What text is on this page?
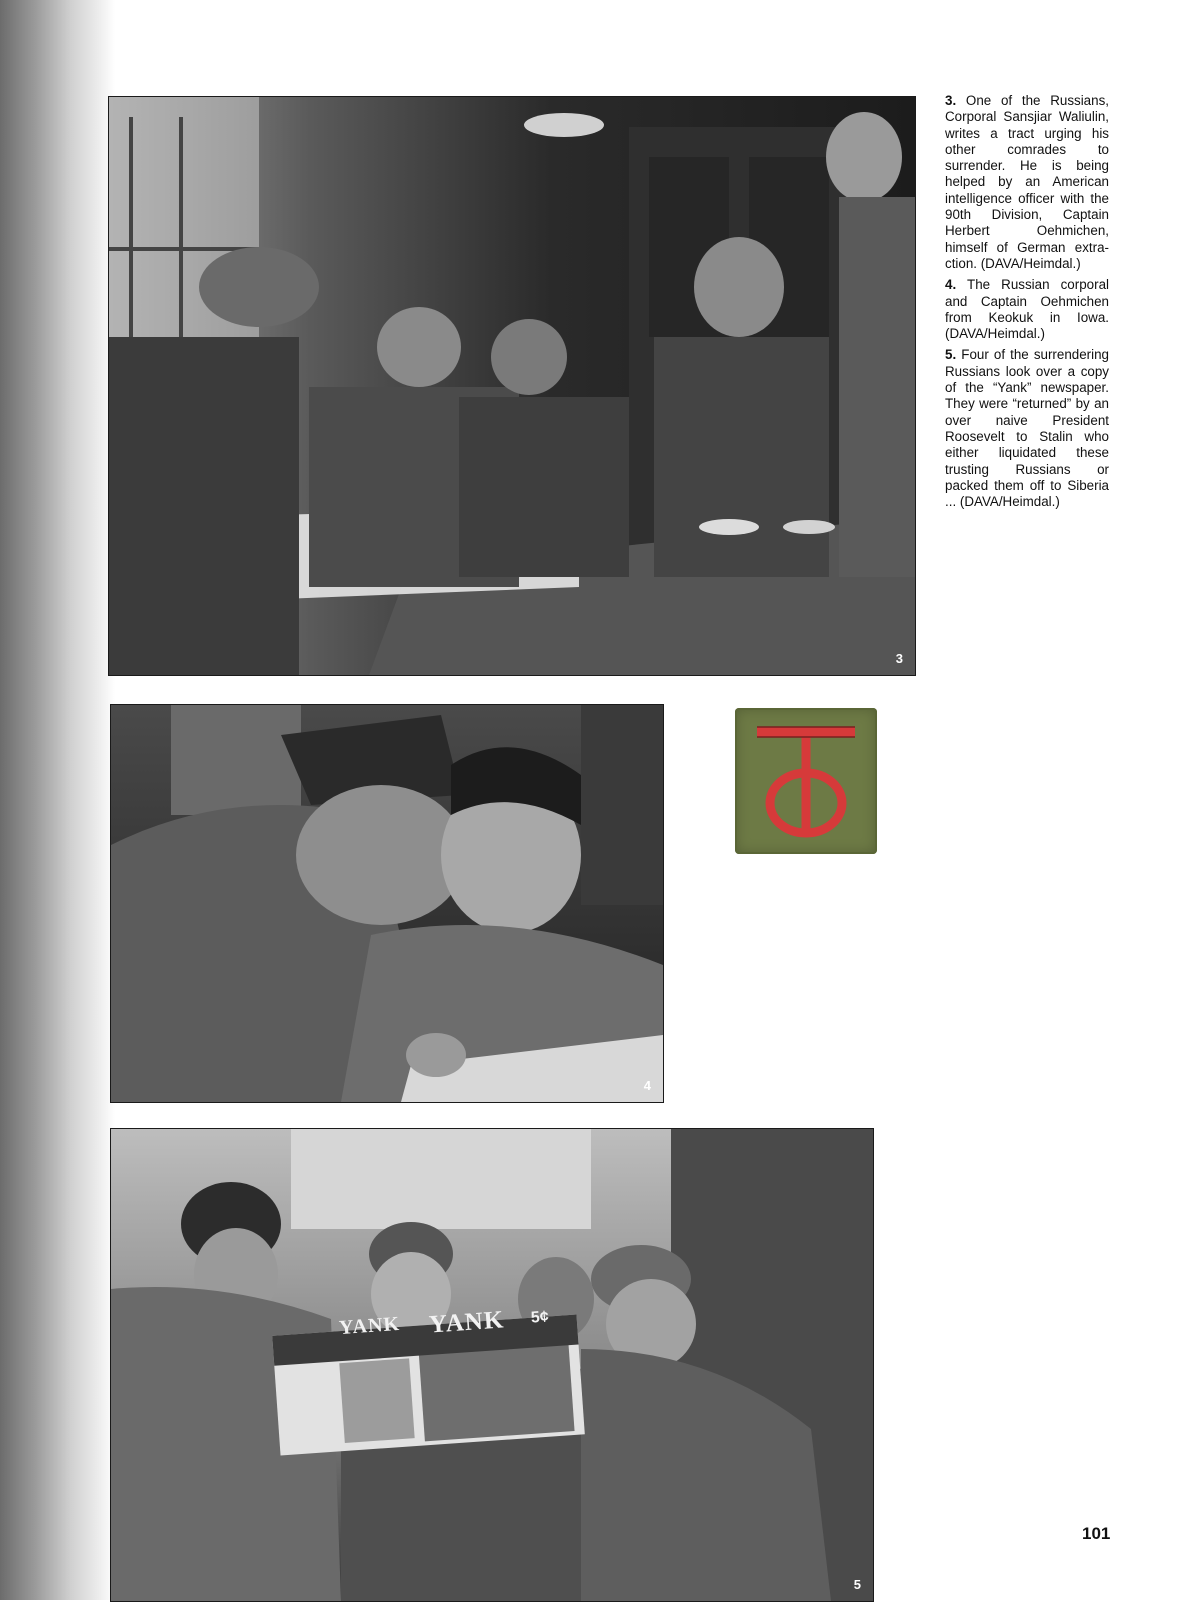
3
4
YANK YANK 5¢
5

3. One of the Russians, Corporal Sansjiar Waliulin, writes a tract urging his other comrades to surrender. He is being helped by an American intelligence officer with the 90th Division, Captain Herbert Oehmichen, himself of German extraction. (DAVA/Heimdal.)

4. The Russian corporal and Captain Oehmichen from Keokuk in Iowa. (DAVA/Heimdal.)

5. Four of the surrendering Russians look over a copy of the “Yank” newspaper. They were “returned” by an over naive President Roosevelt to Stalin who either liquidated these trusting Russians or packed them off to Siberia ... (DAVA/Heimdal.)

101
